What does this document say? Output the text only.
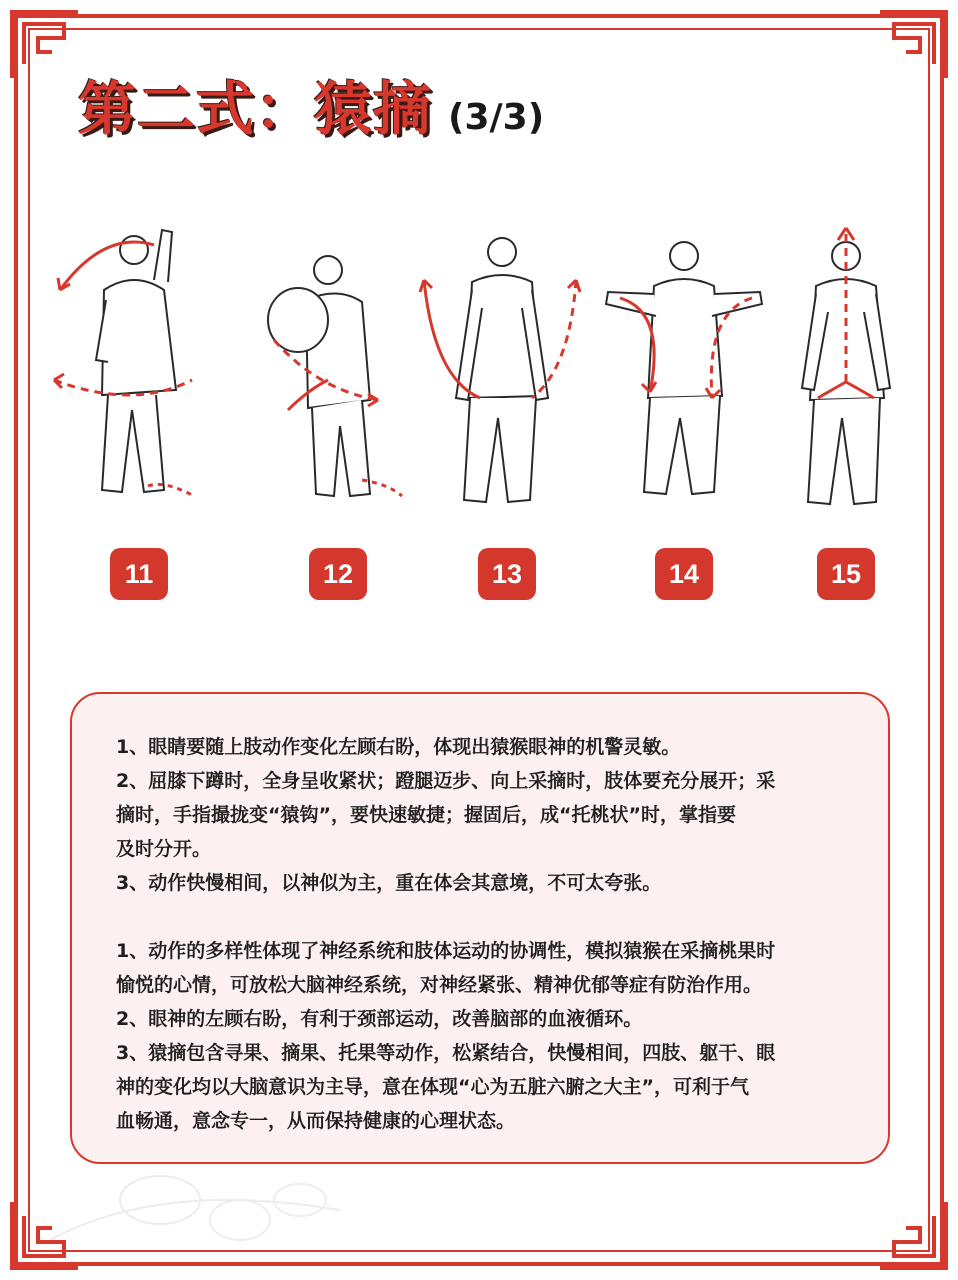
第二式：猿摘 (3/3)
11	12	13	14	15
1、眼睛要随上肢动作变化左顾右盼，体现出猿猴眼神的机警灵敏。
2、屈膝下蹲时，全身呈收紧状；蹬腿迈步、向上采摘时，肢体要充分展开；采
摘时，手指撮拢变“猿钩”，要快速敏捷；握固后，成“托桃状”时，掌指要
及时分开。
3、动作快慢相间，以神似为主，重在体会其意境，不可太夸张。
1、动作的多样性体现了神经系统和肢体运动的协调性，模拟猿猴在采摘桃果时
愉悦的心情，可放松大脑神经系统，对神经紧张、精神优郁等症有防治作用。
2、眼神的左顾右盼，有利于颈部运动，改善脑部的血液循环。
3、猿摘包含寻果、摘果、托果等动作，松紧结合，快慢相间，四肢、躯干、眼
神的变化均以大脑意识为主导，意在体现“心为五脏六腑之大主”，可利于气
血畅通，意念专一，从而保持健康的心理状态。
